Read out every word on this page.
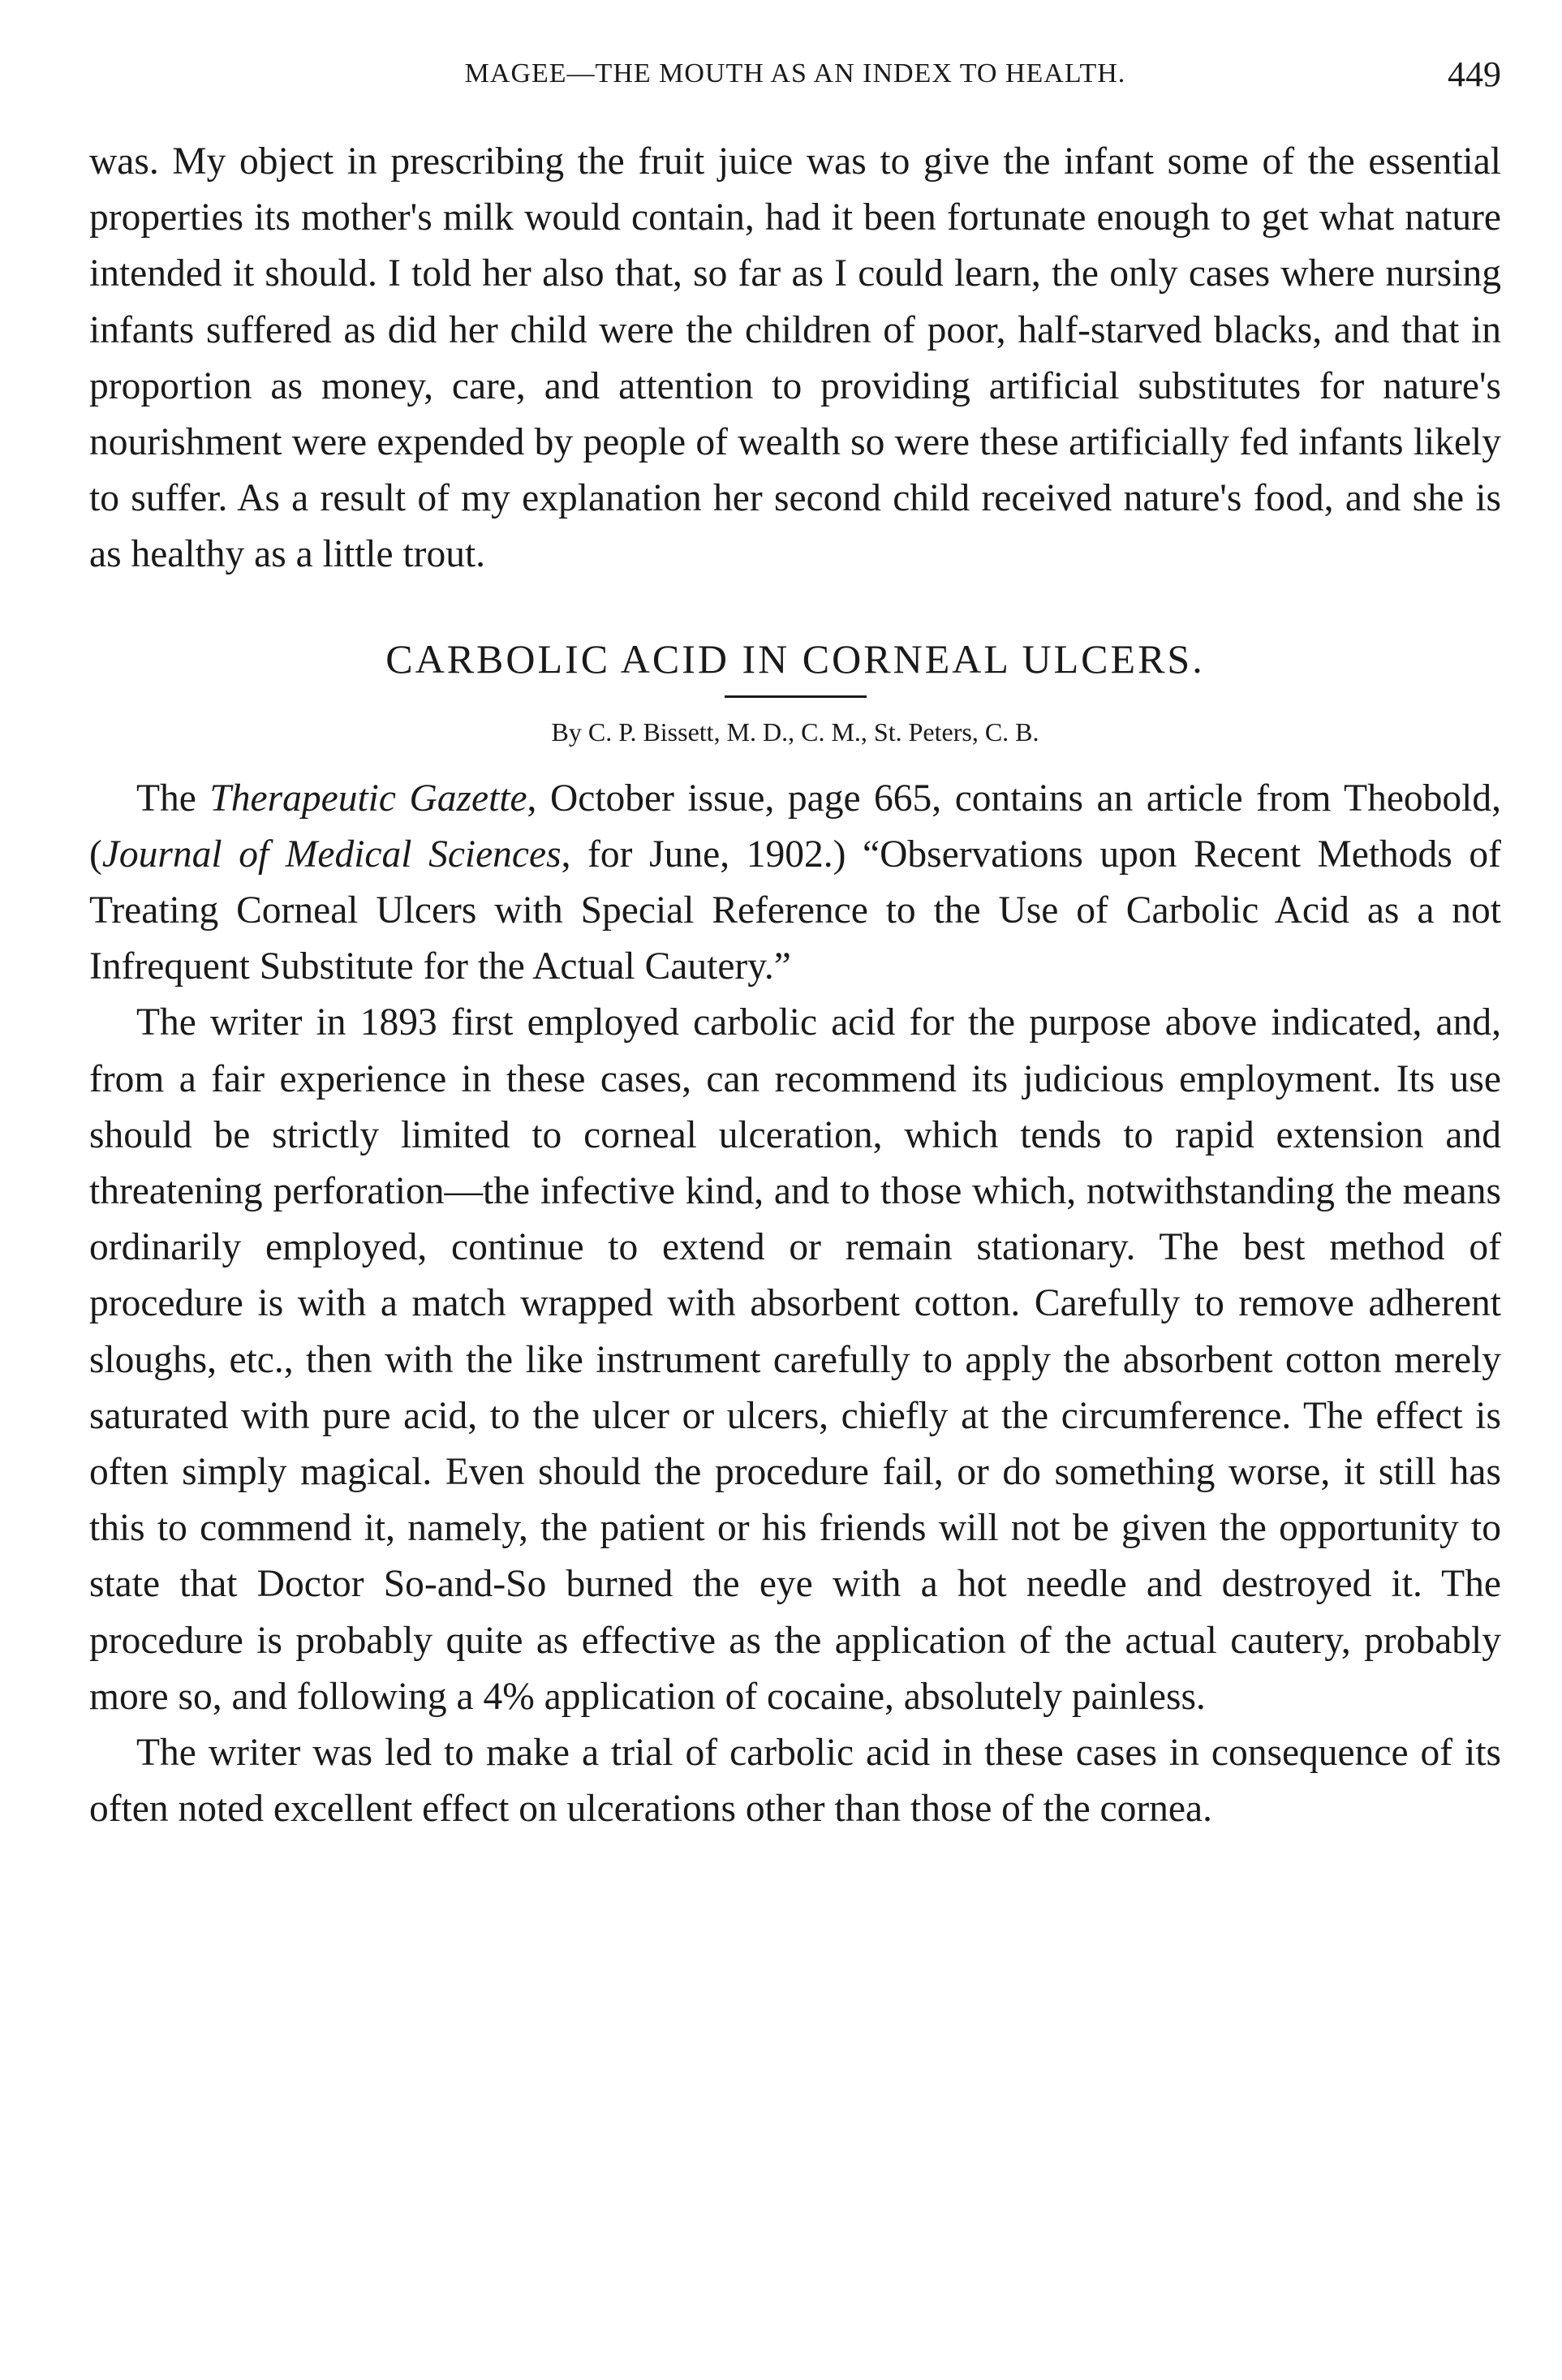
MAGEE—THE MOUTH AS AN INDEX TO HEALTH.	449

was. My object in prescribing the fruit juice was to give the infant some of the essential properties its mother's milk would contain, had it been fortunate enough to get what nature intended it should. I told her also that, so far as I could learn, the only cases where nursing infants suffered as did her child were the children of poor, half-starved blacks, and that in proportion as money, care, and attention to providing artificial substitutes for nature's nourishment were expended by people of wealth so were these artificially fed infants likely to suffer. As a result of my explanation her second child received nature's food, and she is as healthy as a little trout.

CARBOLIC ACID IN CORNEAL ULCERS.

By C. P. Bissett, M. D., C. M., St. Peters, C. B.

The Therapeutic Gazette, October issue, page 665, contains an article from Theobold, (Journal of Medical Sciences, for June, 1902.) “Observations upon Recent Methods of Treating Corneal Ulcers with Special Reference to the Use of Carbolic Acid as a not Infrequent Substitute for the Actual Cautery.”

The writer in 1893 first employed carbolic acid for the purpose above indicated, and, from a fair experience in these cases, can recommend its judicious employment. Its use should be strictly limited to corneal ulceration, which tends to rapid extension and threatening perforation—the infective kind, and to those which, notwithstanding the means ordinarily employed, continue to extend or remain stationary. The best method of procedure is with a match wrapped with absorbent cotton. Carefully to remove adherent sloughs, etc., then with the like instrument carefully to apply the absorbent cotton merely saturated with pure acid, to the ulcer or ulcers, chiefly at the circumference. The effect is often simply magical. Even should the procedure fail, or do something worse, it still has this to commend it, namely, the patient or his friends will not be given the opportunity to state that Doctor So-and-So burned the eye with a hot needle and destroyed it. The procedure is probably quite as effective as the application of the actual cautery, probably more so, and following a 4% application of cocaine, absolutely painless.

The writer was led to make a trial of carbolic acid in these cases in consequence of its often noted excellent effect on ulcerations other than those of the cornea.
